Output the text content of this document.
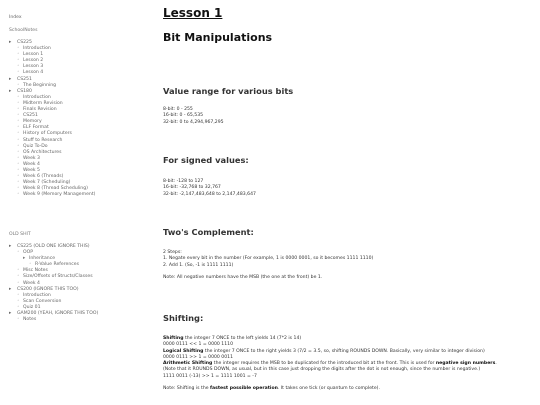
Index
SchoolNotes
▸ CS225
◦ Introduction
◦ Lesson 1
◦ Lesson 2
◦ Lesson 3
◦ Lesson 4
▸ CS251
◦ The Beginning
▸ CS180
◦ Introduction
◦ Midterm Revision
◦ Finals Revision
◦ CS251
◦ Memory
◦ ELF Format
◦ History of Computers
◦ Stuff to Research
◦ Quiz To-Do
◦ OS Architectures
◦ Week 3
◦ Week 4
◦ Week 5
◦ Week 6 (Threads)
◦ Week 7 (Scheduling)
◦ Week 8 (Thread Scheduling)
◦ Week 9 (Memory Management)
OLD SHIT
▸ CS225 (OLD ONE IGNORE THIS)
◦ OOP
▸ Inheritance
◦ R-Value References
◦ Misc Notes
◦ Size/Offsets of Structs/Classes
◦ Week 4
▸ CS200 (IGNORE THIS TOO)
◦ Introduction
◦ Scan Conversion
◦ Quiz 01
▸ GAM200 (YEAH, IGNORE THIS TOO)
◦ Notes
Lesson 1
Bit Manipulations
Value range for various bits
8-bit: 0 - 255
16-bit: 0 - 65,535
32-bit: 0 to 4,294,967,295
For signed values:
8-bit: -128 to 127
16-bit: -32,768 to 32,767
32-bit: -2,147,483,648 to 2,147,483,647
Two's Complement:
2 Steps:
1. Negate every bit in the number (For example, 1 is 0000 0001, so it becomes 1111 1110)
2. Add 1. (So, -1 is 1111 1111)

Note: All negative numbers have the MSB (the one at the front) be 1.
Shifting:
Shifting the integer 7 ONCE to the left yields 14 (7*2 is 14)
0000 0111 << 1 = 0000 1110
Logical Shifting the integer 7 ONCE to the right yields 3 (7/2 = 3.5, so, shifting ROUNDS DOWN. Basically, very similar to integer division)
0000 0111 >> 1 = 0000 0011
Arithmetic Shifting the integer requires the MSB to be duplicated for the introduced bit at the front. This is used for negative sign numbers.
(Note that it ROUNDS DOWN, as usual, but in this case just dropping the digits after the dot is not enough, since the number is negative.)
1111 0011 (-13) >> 1 = 1111 1001 = -7

Note: Shifting is the fastest possible operation. It takes one tick (or quantum to complete).
